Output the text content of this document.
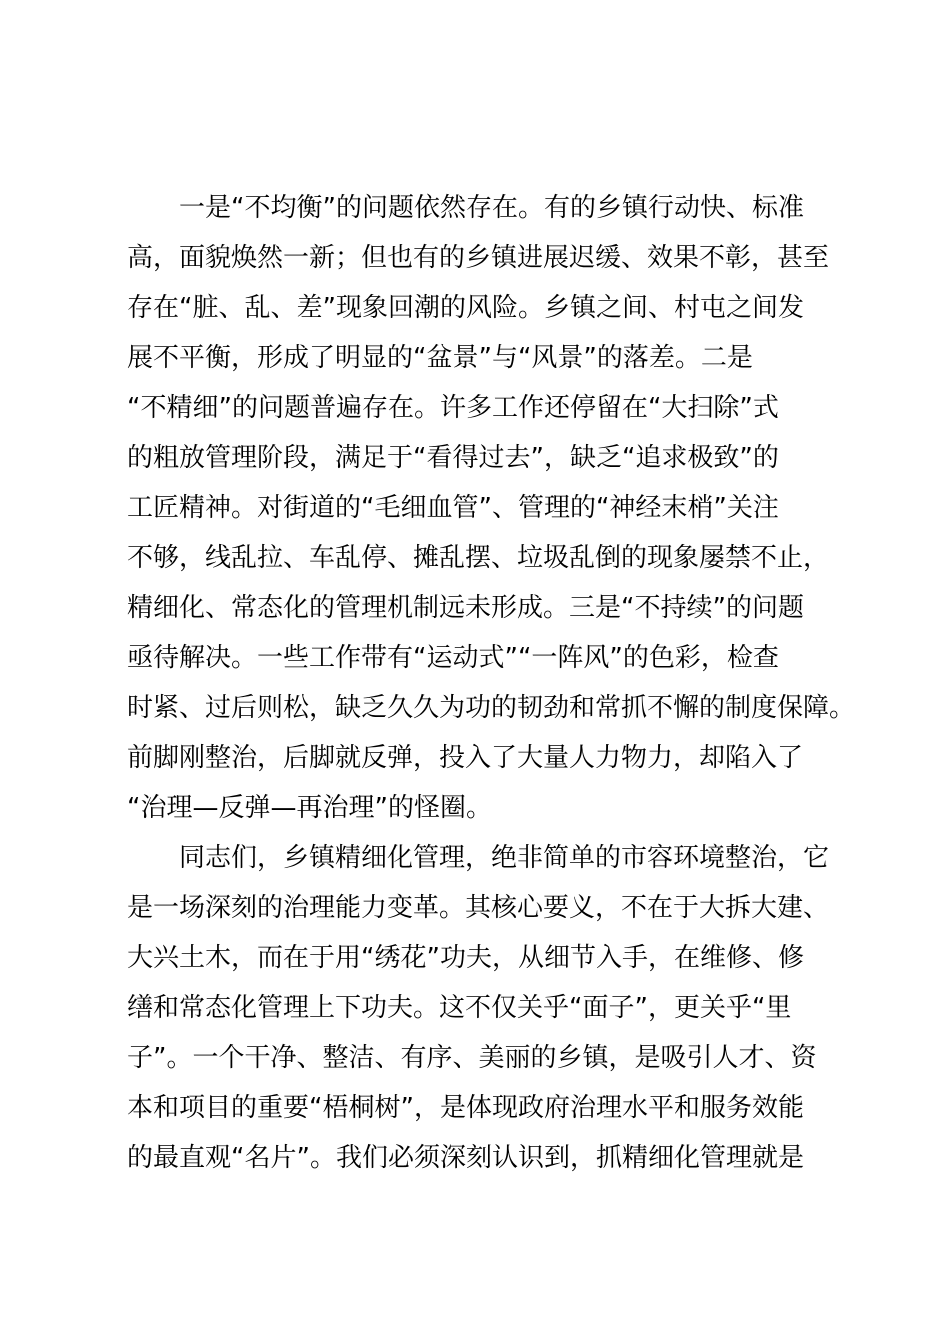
一是“不均衡”的问题依然存在。有的乡镇行动快、标准
高，面貌焕然一新；但也有的乡镇进展迟缓、效果不彰，甚至
存在“脏、乱、差”现象回潮的风险。乡镇之间、村屯之间发
展不平衡，形成了明显的“盆景”与“风景”的落差。二是
“不精细”的问题普遍存在。许多工作还停留在“大扫除”式
的粗放管理阶段，满足于“看得过去”，缺乏“追求极致”的
工匠精神。对街道的“毛细血管”、管理的“神经末梢”关注
不够，线乱拉、车乱停、摊乱摆、垃圾乱倒的现象屡禁不止，
精细化、常态化的管理机制远未形成。三是“不持续”的问题
亟待解决。一些工作带有“运动式”“一阵风”的色彩，检查
时紧、过后则松，缺乏久久为功的韧劲和常抓不懈的制度保障。
前脚刚整治，后脚就反弹，投入了大量人力物力，却陷入了
“治理—反弹—再治理”的怪圈。
同志们，乡镇精细化管理，绝非简单的市容环境整治，它
是一场深刻的治理能力变革。其核心要义，不在于大拆大建、
大兴土木，而在于用“绣花”功夫，从细节入手，在维修、修
缮和常态化管理上下功夫。这不仅关乎“面子”，更关乎“里
子”。一个干净、整洁、有序、美丽的乡镇，是吸引人才、资
本和项目的重要“梧桐树”，是体现政府治理水平和服务效能
的最直观“名片”。我们必须深刻认识到，抓精细化管理就是
